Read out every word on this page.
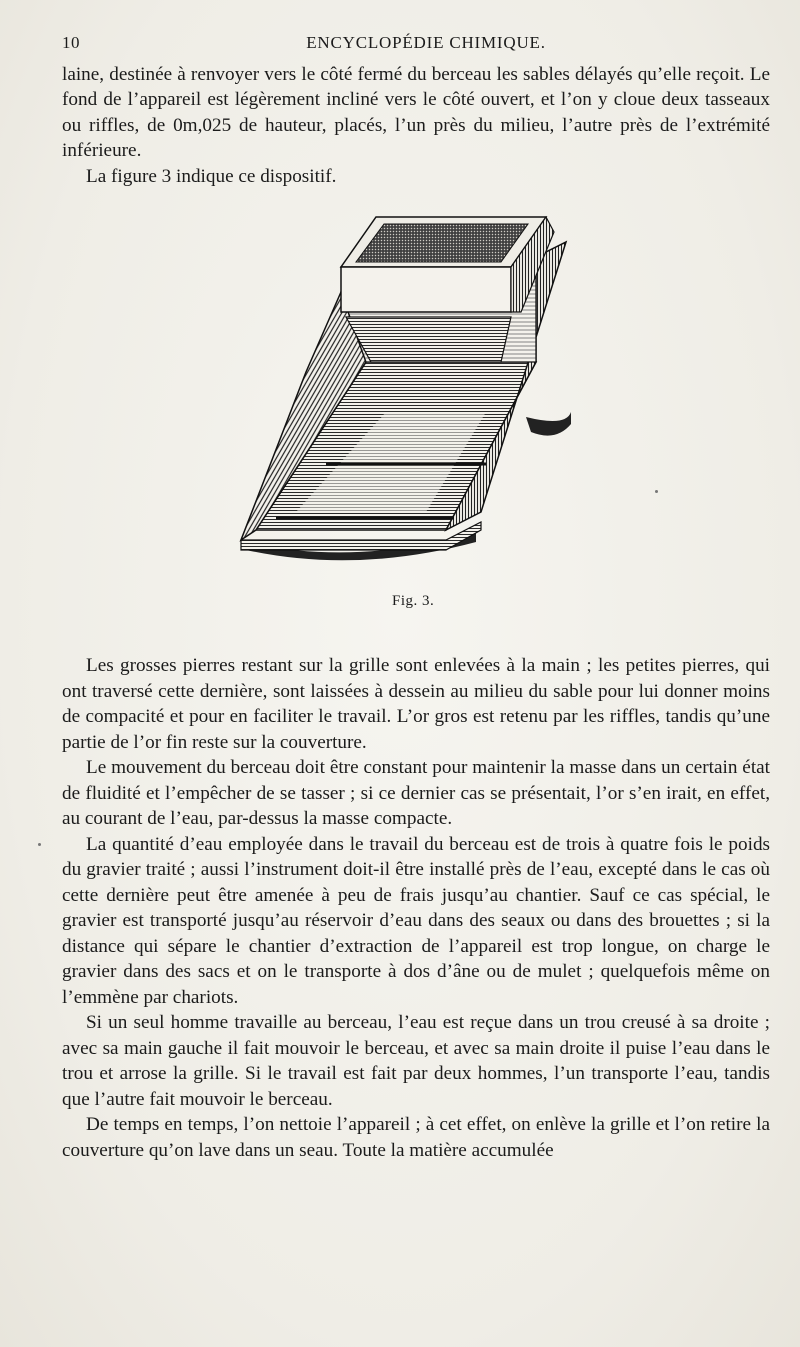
10	ENCYCLOPÉDIE CHIMIQUE.

laine, destinée à renvoyer vers le côté fermé du berceau les sables délayés qu’elle reçoit. Le fond de l’appareil est légèrement incliné vers le côté ouvert, et l’on y cloue deux tasseaux ou riffles, de 0m,025 de hauteur, placés, l’un près du milieu, l’autre près de l’extrémité inférieure.

La figure 3 indique ce dispositif.

Fig. 3.

Les grosses pierres restant sur la grille sont enlevées à la main ; les petites pierres, qui ont traversé cette dernière, sont laissées à dessein au milieu du sable pour lui donner moins de compacité et pour en faciliter le travail. L’or gros est retenu par les riffles, tandis qu’une partie de l’or fin reste sur la couverture.

Le mouvement du berceau doit être constant pour maintenir la masse dans un certain état de fluidité et l’empêcher de se tasser ; si ce dernier cas se présentait, l’or s’en irait, en effet, au courant de l’eau, par-dessus la masse compacte.

La quantité d’eau employée dans le travail du berceau est de trois à quatre fois le poids du gravier traité ; aussi l’instrument doit-il être installé près de l’eau, excepté dans le cas où cette dernière peut être amenée à peu de frais jusqu’au chantier. Sauf ce cas spécial, le gravier est transporté jusqu’au réservoir d’eau dans des seaux ou dans des brouettes ; si la distance qui sépare le chantier d’extraction de l’appareil est trop longue, on charge le gravier dans des sacs et on le transporte à dos d’âne ou de mulet ; quelquefois même on l’emmène par chariots.

Si un seul homme travaille au berceau, l’eau est reçue dans un trou creusé à sa droite ; avec sa main gauche il fait mouvoir le berceau, et avec sa main droite il puise l’eau dans le trou et arrose la grille. Si le travail est fait par deux hommes, l’un transporte l’eau, tandis que l’autre fait mouvoir le berceau.

De temps en temps, l’on nettoie l’appareil ; à cet effet, on enlève la grille et l’on retire la couverture qu’on lave dans un seau. Toute la matière accumulée
